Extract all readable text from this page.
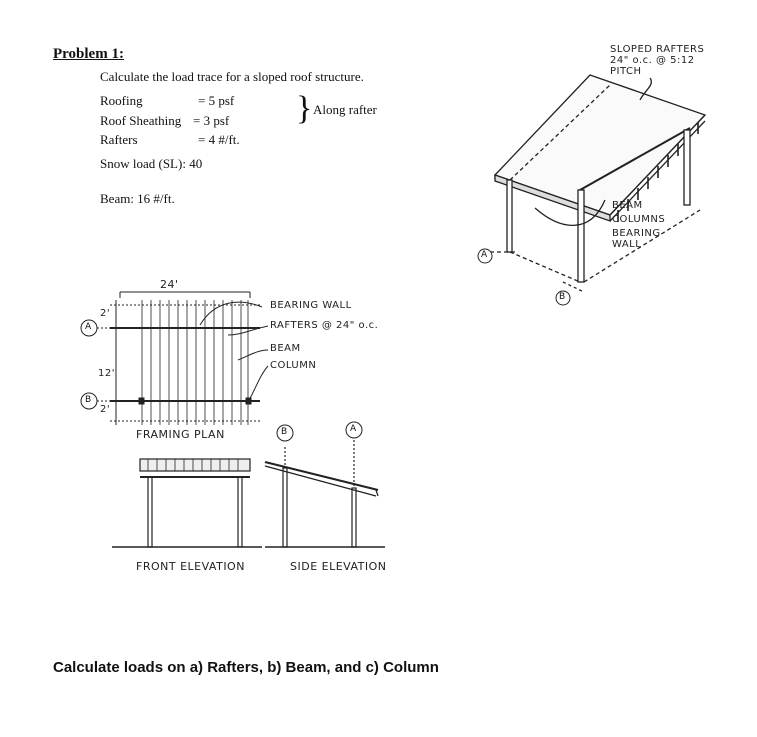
Problem 1:
Calculate the load trace for a sloped roof structure.
Roofing	= 5 psf
Roof Sheathing = 3 psf
Rafters	= 4 #/ft.
} Along rafter
Snow load (SL): 40
Beam: 16 #/ft.
SLOPED RAFTERS
24" o.c. @ 5:12
PITCH
BEAM
COLUMNS
BEARING
WALL
A
B
24'
2'
12'
2'
A
B
BEARING WALL
RAFTERS @ 24" o.c.
BEAM
COLUMN
FRAMING PLAN	B	A
FRONT ELEVATION	SIDE ELEVATION
Calculate loads on a) Rafters, b) Beam, and c) Column
